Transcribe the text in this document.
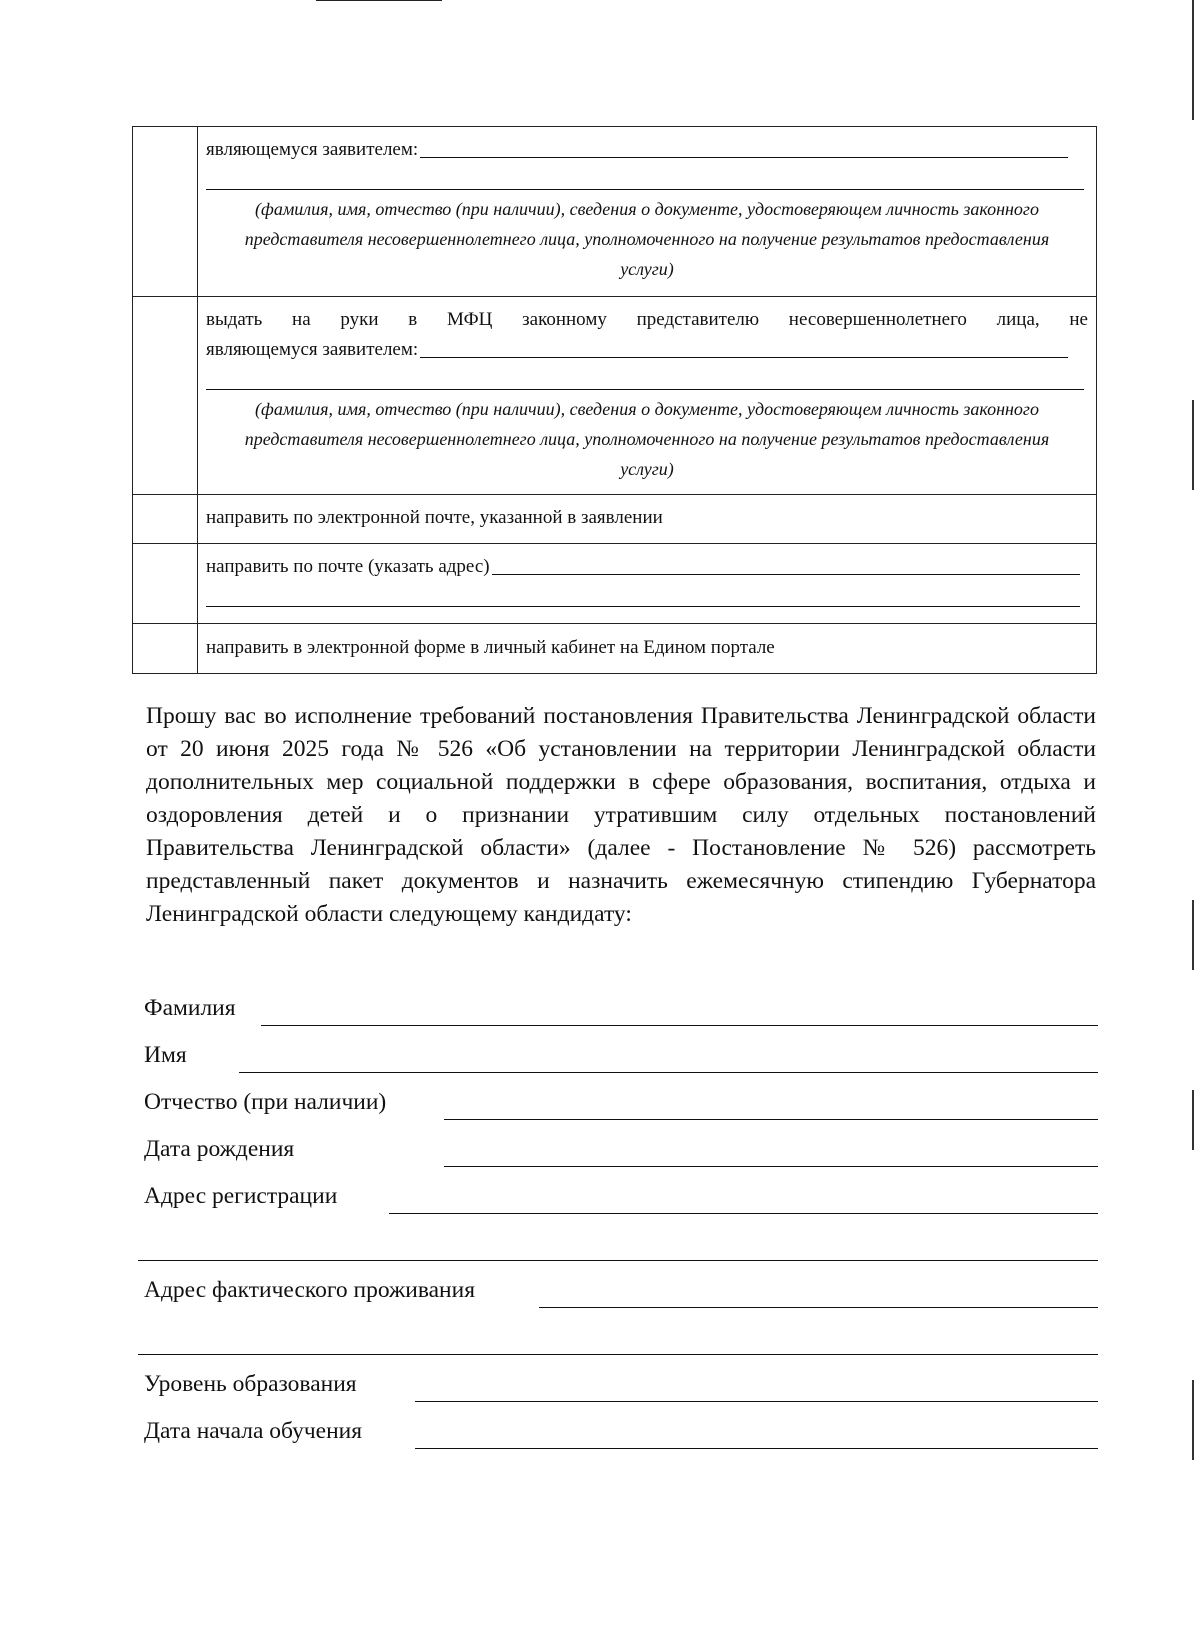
	являющемуся заявителем:
(фамилия, имя, отчество (при наличии), сведения о документе, удостоверяющем личность законного представителя несовершеннолетнего лица, уполномоченного на получение результатов предоставления услуги)

	выдать на руки в МФЦ законному представителю несовершеннолетнего лица, не
являющемуся заявителем:
(фамилия, имя, отчество (при наличии), сведения о документе, удостоверяющем личность законного представителя несовершеннолетнего лица, уполномоченного на получение результатов предоставления услуги)

	направить по электронной почте, указанной в заявлении

	направить по почте (указать адрес)

	направить в электронной форме в личный кабинет на Едином портале
Прошу вас во исполнение требований постановления Правительства Ленинградской области от 20 июня 2025 года № 526 «Об установлении на территории Ленинградской области дополнительных мер социальной поддержки в сфере образования, воспитания, отдыха и оздоровления детей и о признании утратившим силу отдельных постановлений Правительства Ленинградской области» (далее - Постановление № 526) рассмотреть представленный пакет документов и назначить ежемесячную стипендию Губернатора Ленинградской области следующему кандидату:
Фамилия
Имя
Отчество (при наличии)
Дата рождения
Адрес регистрации
Адрес фактического проживания
Уровень образования
Дата начала обучения
